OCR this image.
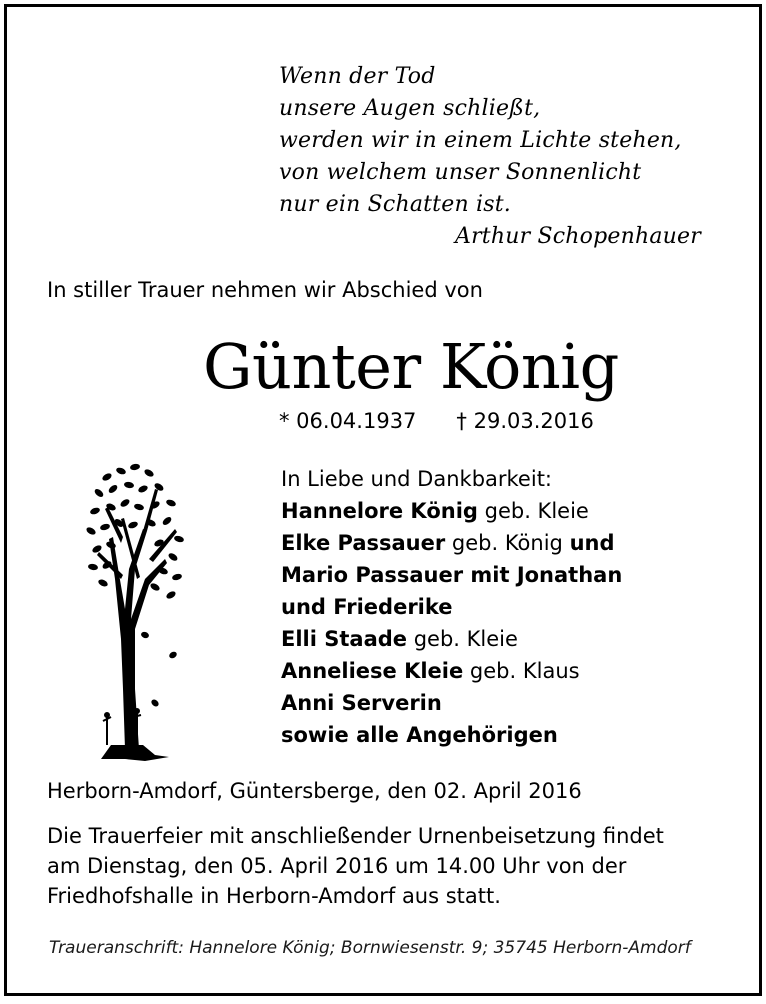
Wenn der Tod
unsere Augen schließt,
werden wir in einem Lichte stehen,
von welchem unser Sonnenlicht
nur ein Schatten ist.
Arthur Schopenhauer
In stiller Trauer nehmen wir Abschied von
Günter König
* 06.04.1937 † 29.03.2016
In Liebe und Dankbarkeit:
Hannelore König geb. Kleie
Elke Passauer geb. König und
Mario Passauer mit Jonathan
und Friederike
Elli Staade geb. Kleie
Anneliese Kleie geb. Klaus
Anni Serverin
sowie alle Angehörigen
Herborn-Amdorf, Güntersberge, den 02. April 2016
Die Trauerfeier mit anschließender Urnenbeisetzung findet
am Dienstag, den 05. April 2016 um 14.00 Uhr von der
Friedhofshalle in Herborn-Amdorf aus statt.
Traueranschrift: Hannelore König; Bornwiesenstr. 9; 35745 Herborn-Amdorf
